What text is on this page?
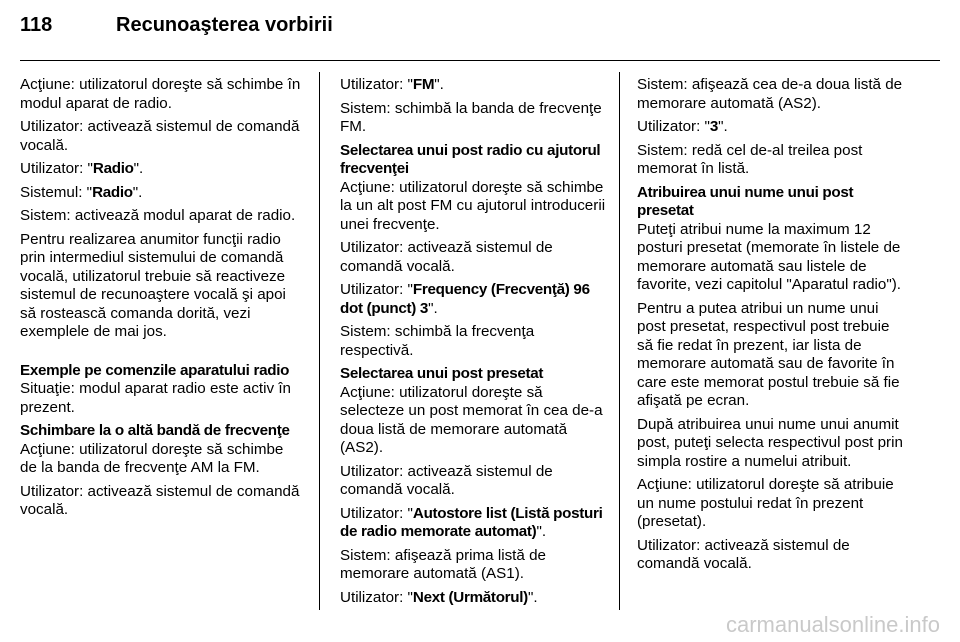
118	Recunoaşterea vorbirii

Acţiune: utilizatorul doreşte să schimbe în modul aparat de radio.

Utilizator: activează sistemul de comandă vocală.

Utilizator: "Radio".

Sistemul: "Radio".

Sistem: activează modul aparat de radio.

Pentru realizarea anumitor funcţii radio prin intermediul sistemului de comandă vocală, utilizatorul trebuie să reactiveze sistemul de recunoaştere vocală şi apoi să rostească comanda dorită, vezi exemplele de mai jos.

Exemple pe comenzile aparatului radio

Situaţie: modul aparat radio este activ în prezent.

Schimbare la o altă bandă de frecvenţe

Acţiune: utilizatorul doreşte să schimbe de la banda de frecvenţe AM la FM.

Utilizator: activează sistemul de comandă vocală.

Utilizator: "FM".

Sistem: schimbă la banda de frecvenţe FM.

Selectarea unui post radio cu ajutorul frecvenţei

Acţiune: utilizatorul doreşte să schimbe la un alt post FM cu ajutorul introducerii unei frecvenţe.

Utilizator: activează sistemul de comandă vocală.

Utilizator: "Frequency (Frecvenţă) 96 dot (punct) 3".

Sistem: schimbă la frecvenţa respectivă.

Selectarea unui post presetat

Acţiune: utilizatorul doreşte să selecteze un post memorat în cea de-a doua listă de memorare automată (AS2).

Utilizator: activează sistemul de comandă vocală.

Utilizator: "Autostore list (Listă posturi de radio memorate automat)".

Sistem: afişează prima listă de memorare automată (AS1).

Utilizator: "Next (Următorul)".

Sistem: afişează cea de-a doua listă de memorare automată (AS2).

Utilizator: "3".

Sistem: redă cel de-al treilea post memorat în listă.

Atribuirea unui nume unui post presetat

Puteţi atribui nume la maximum 12 posturi presetat (memorate în listele de memorare automată sau listele de favorite, vezi capitolul "Aparatul radio").

Pentru a putea atribui un nume unui post presetat, respectivul post trebuie să fie redat în prezent, iar lista de memorare automată sau de favorite în care este memorat postul trebuie să fie afişată pe ecran.

După atribuirea unui nume unui anumit post, puteţi selecta respectivul post prin simpla rostire a numelui atribuit.

Acţiune: utilizatorul doreşte să atribuie un nume postului redat în prezent (presetat).

Utilizator: activează sistemul de comandă vocală.

carmanualsonline.info
